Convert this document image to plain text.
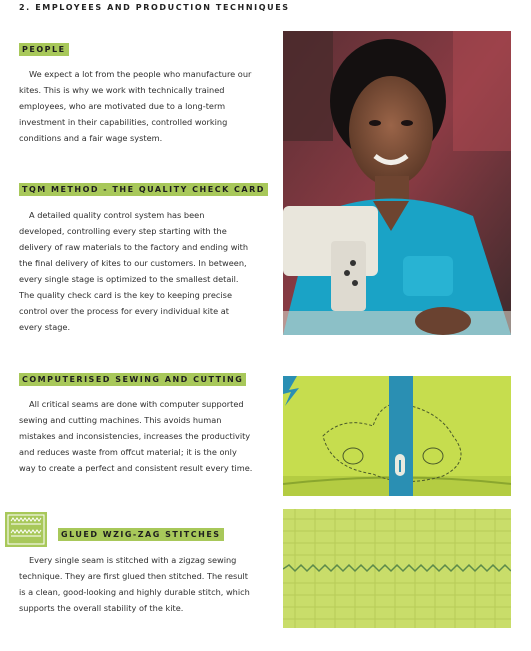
2. EMPLOYEES AND PRODUCTION TECHNIQUES
PEOPLE

We expect a lot from the people who manufacture our kites. This is why we work with technically trained employees, who are motivated due to a long-term investment in their capabilities, controlled working conditions and a fair wage system.

TQM METHOD - THE QUALITY CHECK CARD

A detailed quality control system has been developed, controlling every step starting with the delivery of raw materials to the factory and ending with the final delivery of kites to our customers. In between, every single stage is optimized to the smallest detail. The quality check card is the key to keeping precise control over the process for every individual kite at every stage.

COMPUTERISED SEWING AND CUTTING

All critical seams are done with computer supported sewing and cutting machines. This avoids human mistakes and inconsistencies, increases the productivity and reduces waste from offcut material; it is the only way to create a perfect and consistent result every time.

GLUED WZIG-ZAG STITCHES

Every single seam is stitched with a zigzag sewing technique. They are first glued then stitched. The result is a clean, good-looking and highly durable stitch, which supports the overall stability of the kite.
